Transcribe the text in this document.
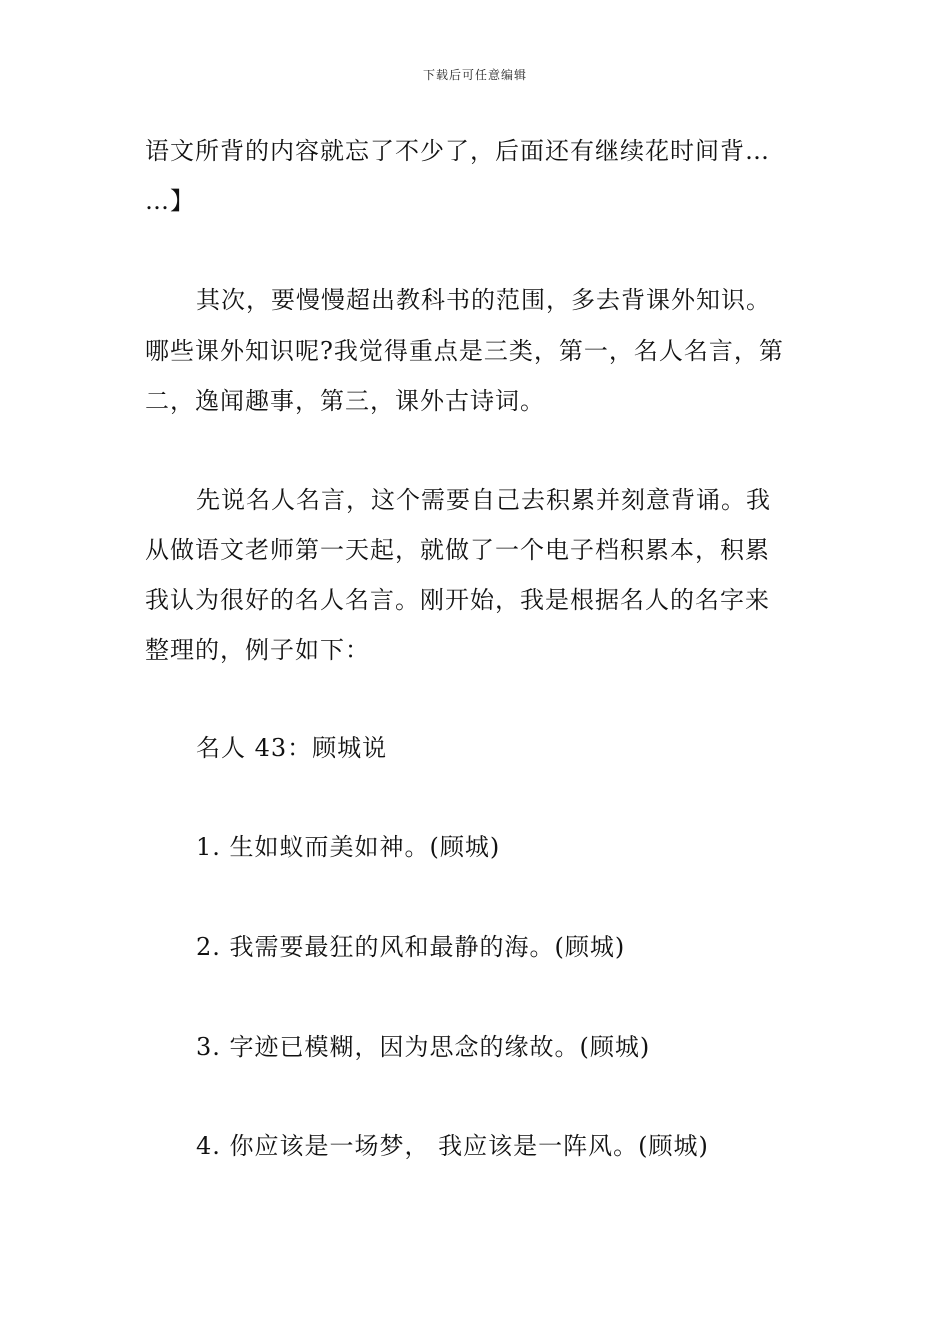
下载后可任意编辑
语文所背的内容就忘了不少了，后面还有继续花时间背…
…】
其次，要慢慢超出教科书的范围，多去背课外知识。
哪些课外知识呢?我觉得重点是三类，第一，名人名言，第
二，逸闻趣事，第三，课外古诗词。
先说名人名言，这个需要自己去积累并刻意背诵。我
从做语文老师第一天起，就做了一个电子档积累本，积累
我认为很好的名人名言。刚开始，我是根据名人的名字来
整理的，例子如下：
名人 43：顾城说
1. 生如蚁而美如神。(顾城)
2. 我需要最狂的风和最静的海。(顾城)
3. 字迹已模糊，因为思念的缘故。(顾城)
4. 你应该是一场梦， 我应该是一阵风。(顾城)
